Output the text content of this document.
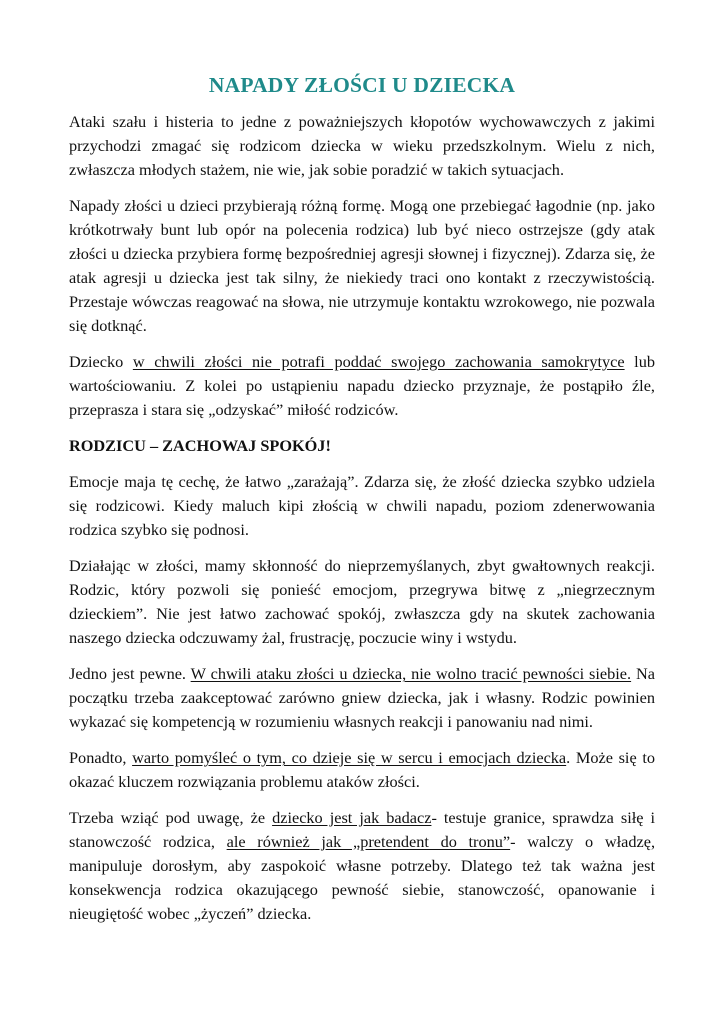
NAPADY ZŁOŚCI U DZIECKA

Ataki szału i histeria to jedne z poważniejszych kłopotów wychowawczych z jakimi przychodzi zmagać się rodzicom dziecka w wieku przedszkolnym. Wielu z nich, zwłaszcza młodych stażem, nie wie, jak sobie poradzić w takich sytuacjach.

Napady złości u dzieci przybierają różną formę. Mogą one przebiegać łagodnie (np. jako krótkotrwały bunt lub opór na polecenia rodzica) lub być nieco ostrzejsze (gdy atak złości u dziecka przybiera formę bezpośredniej agresji słownej i fizycznej). Zdarza się, że atak agresji u dziecka jest tak silny, że niekiedy traci ono kontakt z rzeczywistością. Przestaje wówczas reagować na słowa, nie utrzymuje kontaktu wzrokowego, nie pozwala się dotknąć.

Dziecko w chwili złości nie potrafi poddać swojego zachowania samokrytyce lub wartościowaniu. Z kolei po ustąpieniu napadu dziecko przyznaje, że postąpiło źle, przeprasza i stara się „odzyskać” miłość rodziców.

RODZICU – ZACHOWAJ SPOKÓJ!

Emocje maja tę cechę, że łatwo „zarażają”. Zdarza się, że złość dziecka szybko udziela się rodzicowi. Kiedy maluch kipi złością w chwili napadu, poziom zdenerwowania rodzica szybko się podnosi.

Działając w złości, mamy skłonność do nieprzemyślanych, zbyt gwałtownych reakcji. Rodzic, który pozwoli się ponieść emocjom, przegrywa bitwę z „niegrzecznym dzieckiem”. Nie jest łatwo zachować spokój, zwłaszcza gdy na skutek zachowania naszego dziecka odczuwamy żal, frustrację, poczucie winy i wstydu.

Jedno jest pewne. W chwili ataku złości u dziecka, nie wolno tracić pewności siebie. Na początku trzeba zaakceptować zarówno gniew dziecka, jak i własny. Rodzic powinien wykazać się kompetencją w rozumieniu własnych reakcji i panowaniu nad nimi.

Ponadto, warto pomyśleć o tym, co dzieje się w sercu i emocjach dziecka. Może się to okazać kluczem rozwiązania problemu ataków złości.

Trzeba wziąć pod uwagę, że dziecko jest jak badacz- testuje granice, sprawdza siłę i stanowczość rodzica, ale również jak „pretendent do tronu”- walczy o władzę, manipuluje dorosłym, aby zaspokoić własne potrzeby. Dlatego też tak ważna jest konsekwencja rodzica okazującego pewność siebie, stanowczość, opanowanie i nieugiętość wobec „życzeń” dziecka.
